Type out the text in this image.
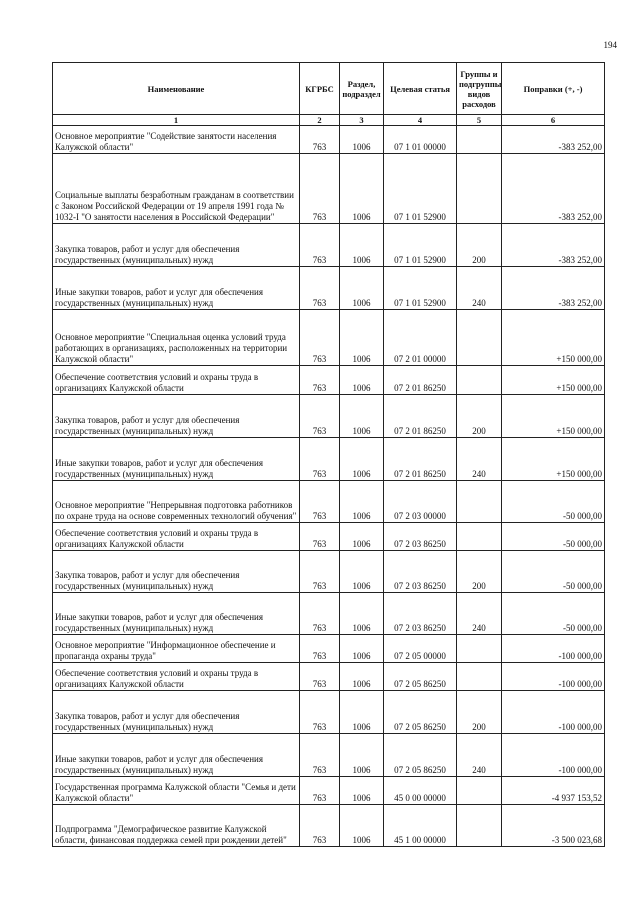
194
Наименование	КГРБС	Раздел, подраздел	Целевая статья	Группы и подгруппы видов расходов	Поправки (+, -)
1	2	3	4	5	6
Основное мероприятие "Содействие занятости населения Калужской области"	763	1006	07 1 01 00000		-383 252,00
Социальные выплаты безработным гражданам в соответствии с Законом Российской Федерации от 19 апреля 1991 года № 1032-I "О занятости населения в Российской Федерации"	763	1006	07 1 01 52900		-383 252,00
Закупка товаров, работ и услуг для обеспечения государственных (муниципальных) нужд	763	1006	07 1 01 52900	200	-383 252,00
Иные закупки товаров, работ и услуг для обеспечения государственных (муниципальных) нужд	763	1006	07 1 01 52900	240	-383 252,00
Основное мероприятие "Специальная оценка условий труда работающих в организациях, расположенных на территории Калужской области"	763	1006	07 2 01 00000		+150 000,00
Обеспечение соответствия условий и охраны труда в организациях Калужской области	763	1006	07 2 01 86250		+150 000,00
Закупка товаров, работ и услуг для обеспечения государственных (муниципальных) нужд	763	1006	07 2 01 86250	200	+150 000,00
Иные закупки товаров, работ и услуг для обеспечения государственных (муниципальных) нужд	763	1006	07 2 01 86250	240	+150 000,00
Основное мероприятие "Непрерывная подготовка работников по охране труда на основе современных технологий обучения"	763	1006	07 2 03 00000		-50 000,00
Обеспечение соответствия условий и охраны труда в организациях Калужской области	763	1006	07 2 03 86250		-50 000,00
Закупка товаров, работ и услуг для обеспечения государственных (муниципальных) нужд	763	1006	07 2 03 86250	200	-50 000,00
Иные закупки товаров, работ и услуг для обеспечения государственных (муниципальных) нужд	763	1006	07 2 03 86250	240	-50 000,00
Основное мероприятие "Информационное обеспечение и пропаганда охраны труда"	763	1006	07 2 05 00000		-100 000,00
Обеспечение соответствия условий и охраны труда в организациях Калужской области	763	1006	07 2 05 86250		-100 000,00
Закупка товаров, работ и услуг для обеспечения государственных (муниципальных) нужд	763	1006	07 2 05 86250	200	-100 000,00
Иные закупки товаров, работ и услуг для обеспечения государственных (муниципальных) нужд	763	1006	07 2 05 86250	240	-100 000,00
Государственная программа Калужской области "Семья и дети Калужской области"	763	1006	45 0 00 00000		-4 937 153,52
Подпрограмма "Демографическое развитие Калужской области, финансовая поддержка семей при рождении детей"	763	1006	45 1 00 00000		-3 500 023,68
